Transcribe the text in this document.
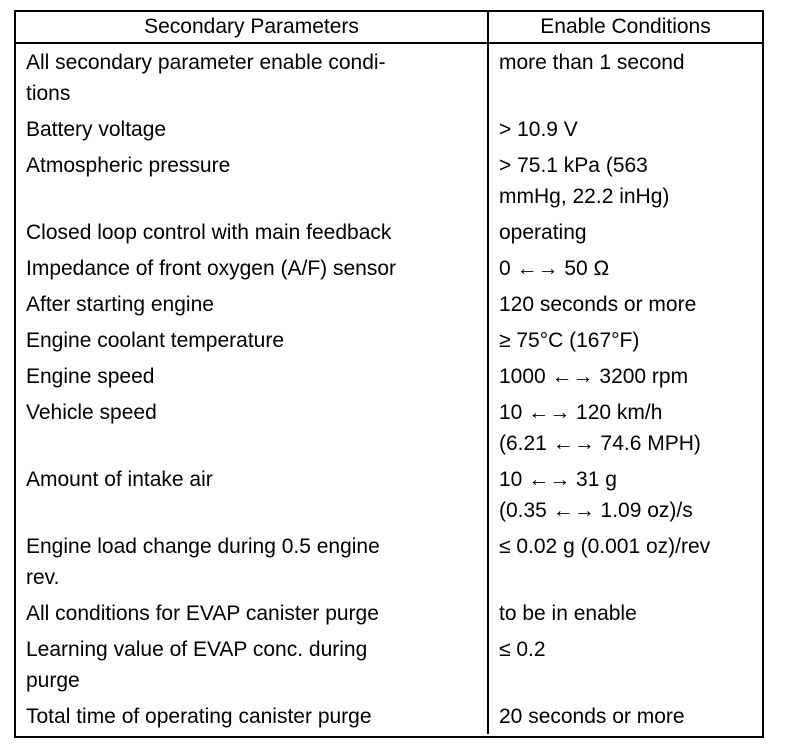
Secondary Parameters	Enable Conditions

All secondary parameter enable condi-
tions	more than 1 second

Battery voltage	> 10.9 V

Atmospheric pressure	> 75.1 kPa (563
mmHg, 22.2 inHg)

Closed loop control with main feedback	operating

Impedance of front oxygen (A/F) sensor	0 ←→ 50 Ω

After starting engine	120 seconds or more

Engine coolant temperature	≥ 75°C (167°F)

Engine speed	1000 ←→ 3200 rpm

Vehicle speed	10 ←→ 120 km/h
(6.21 ←→ 74.6 MPH)

Amount of intake air	10 ←→ 31 g
(0.35 ←→ 1.09 oz)/s

Engine load change during 0.5 engine
rev.	≤ 0.02 g (0.001 oz)/rev

All conditions for EVAP canister purge	to be in enable

Learning value of EVAP conc. during
purge	≤ 0.2

Total time of operating canister purge	20 seconds or more
